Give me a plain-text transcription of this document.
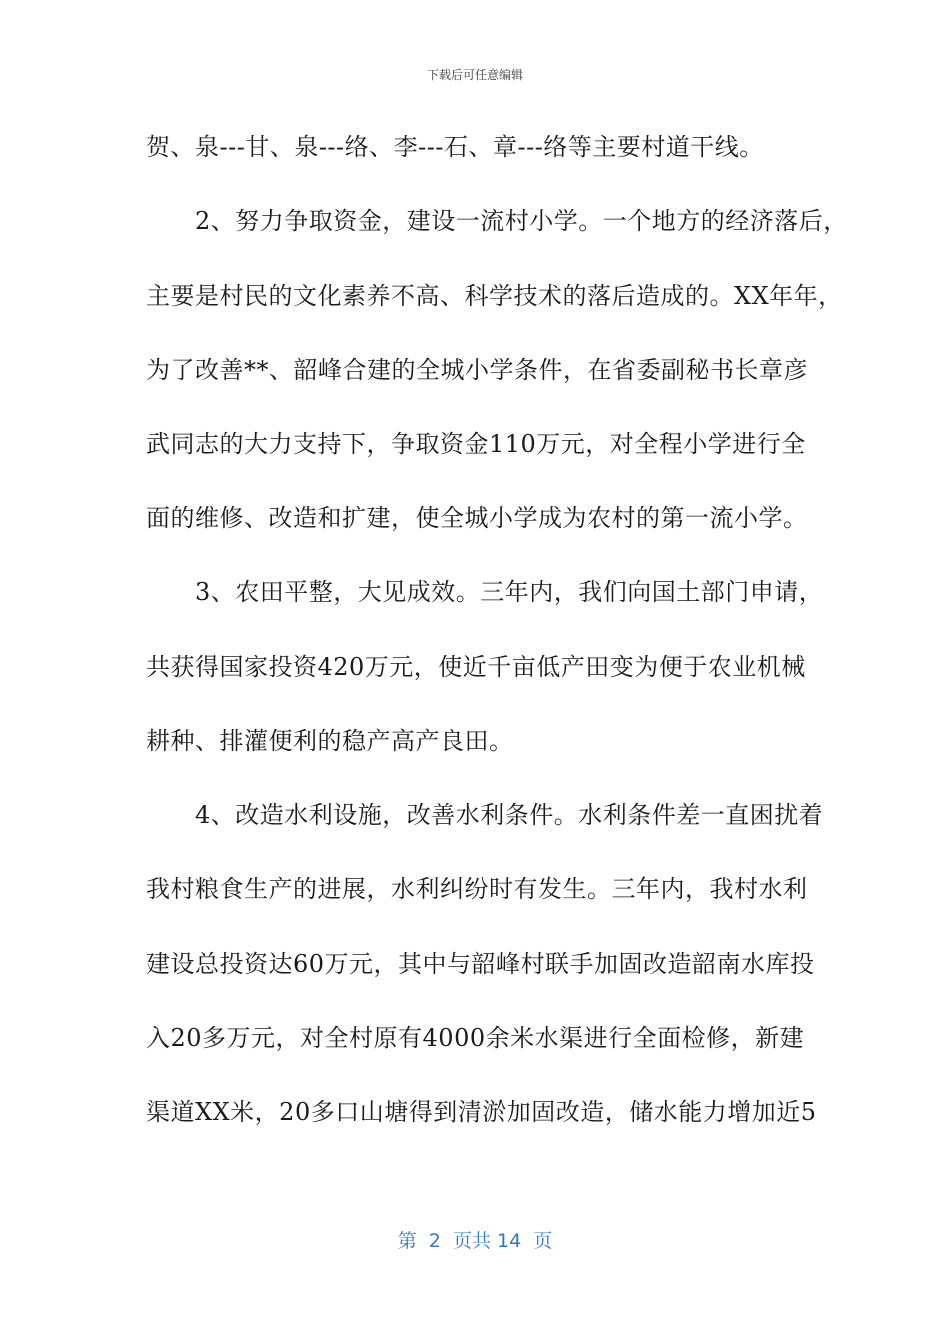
下载后可任意编辑
贺、泉---甘、泉---络、李---石、章---络等主要村道干线。
　　2、努力争取资金，建设一流村小学。一个地方的经济落后，
主要是村民的文化素养不高、科学技术的落后造成的。XX年年，
为了改善**、韶峰合建的全城小学条件，在省委副秘书长章彦
武同志的大力支持下，争取资金110万元，对全程小学进行全
面的维修、改造和扩建，使全城小学成为农村的第一流小学。
　　3、农田平整，大见成效。三年内，我们向国土部门申请，
共获得国家投资420万元，使近千亩低产田变为便于农业机械
耕种、排灌便利的稳产高产良田。
　　4、改造水利设施，改善水利条件。水利条件差一直困扰着
我村粮食生产的进展，水利纠纷时有发生。三年内，我村水利
建设总投资达60万元，其中与韶峰村联手加固改造韶南水库投
入20多万元，对全村原有4000余米水渠进行全面检修，新建
渠道XX米，20多口山塘得到清淤加固改造，储水能力增加近5
第  2  页共 14  页
